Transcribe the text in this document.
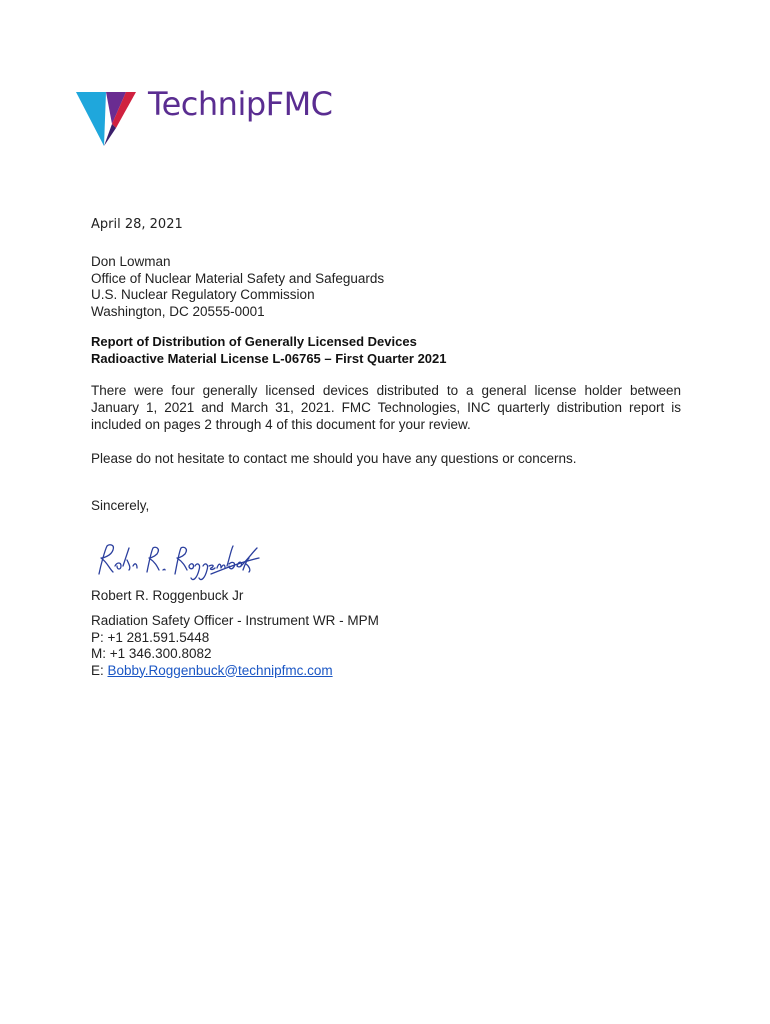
TechnipFMC
April 28, 2021
Don Lowman
Office of Nuclear Material Safety and Safeguards
U.S. Nuclear Regulatory Commission
Washington, DC 20555-0001
Report of Distribution of Generally Licensed Devices
Radioactive Material License L-06765 – First Quarter 2021
There were four generally licensed devices distributed to a general license holder between January 1, 2021 and March 31, 2021. FMC Technologies, INC quarterly distribution report is included on pages 2 through 4 of this document for your review.
Please do not hesitate to contact me should you have any questions or concerns.
Sincerely,
Robert R. Roggenbuck Jr
Radiation Safety Officer - Instrument WR - MPM
P: +1 281.591.5448
M: +1 346.300.8082
E: Bobby.Roggenbuck@technipfmc.com
